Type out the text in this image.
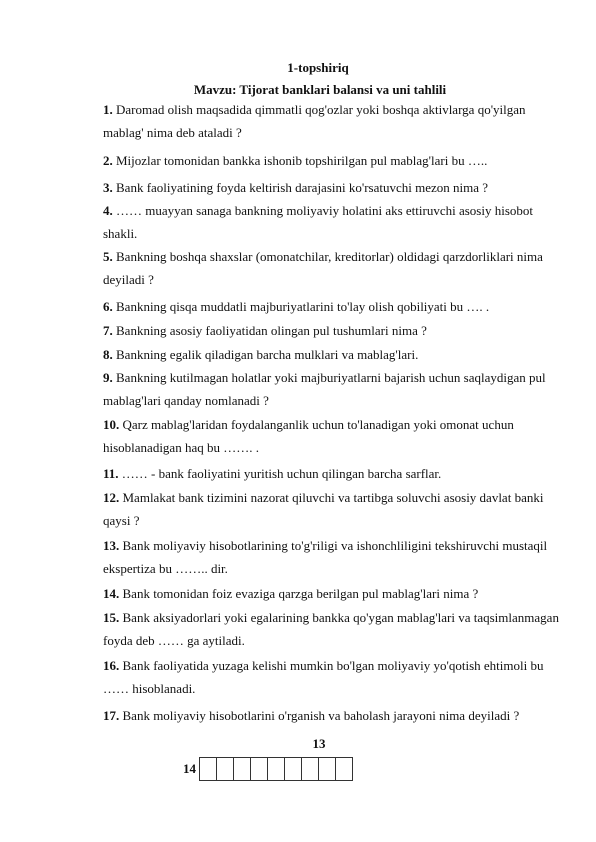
1-topshiriq
Mavzu: Tijorat banklari balansi va uni tahlili
1. Daromad olish maqsadida qimmatli qog'ozlar yoki boshqa aktivlarga qo'yilgan mablag' nima deb ataladi ?
2. Mijozlar tomonidan bankka ishonib topshirilgan pul mablag'lari bu …..
3. Bank faoliyatining foyda keltirish darajasini ko'rsatuvchi mezon nima ?
4. …… muayyan sanaga bankning moliyaviy holatini aks ettiruvchi asosiy hisobot shakli.
5. Bankning boshqa shaxslar (omonatchilar, kreditorlar) oldidagi qarzdorliklari nima deyiladi ?
6. Bankning qisqa muddatli majburiyatlarini to'lay olish qobiliyati bu …. .
7. Bankning asosiy faoliyatidan olingan pul tushumlari nima ?
8. Bankning egalik qiladigan barcha mulklari va mablag'lari.
9. Bankning kutilmagan holatlar yoki majburiyatlarni bajarish uchun saqlaydigan pul mablag'lari qanday nomlanadi ?
10. Qarz mablag'laridan foydalanganlik uchun to'lanadigan yoki omonat uchun hisoblanadigan haq bu ……. .
11. …… - bank faoliyatini yuritish uchun qilingan barcha sarflar.
12. Mamlakat bank tizimini nazorat qiluvchi va tartibga soluvchi asosiy davlat banki qaysi ?
13. Bank moliyaviy hisobotlarining to'g'riligi va ishonchliligini tekshiruvchi mustaqil ekspertiza bu …….. dir.
14. Bank tomonidan foiz evaziga qarzga berilgan pul mablag'lari nima ?
15. Bank aksiyadorlari yoki egalarining bankka qo'ygan mablag'lari va taqsimlanmagan foyda deb …… ga aytiladi.
16. Bank faoliyatida yuzaga kelishi mumkin bo'lgan moliyaviy yo'qotish ehtimoli bu …… hisoblanadi.
17. Bank moliyaviy hisobotlarini o'rganish va baholash jarayoni nima deyiladi ?
13
14
